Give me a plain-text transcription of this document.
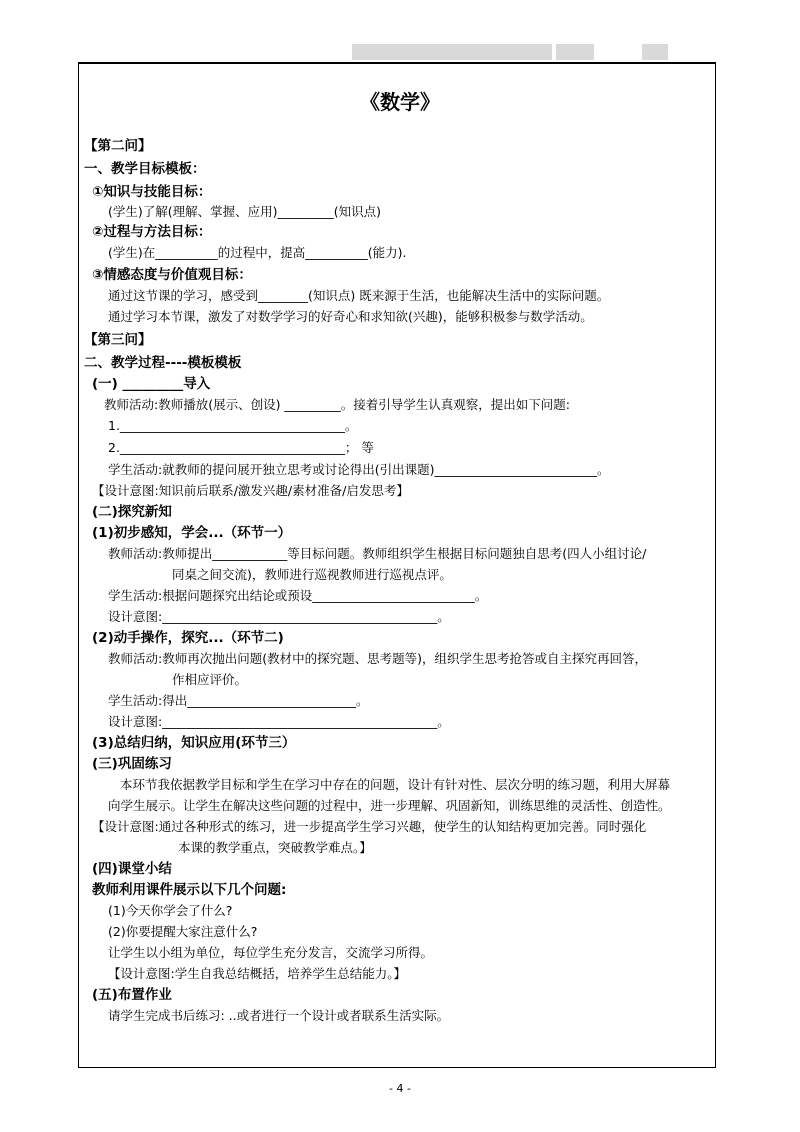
《数学》
【第二问】
一、教学目标模板：
①知识与技能目标：
(学生)了解(理解、掌握、应用)_________(知识点)
②过程与方法目标：
(学生)在__________的过程中，提高__________(能力).
③情感态度与价值观目标：
通过这节课的学习，感受到________(知识点) 既来源于生活，也能解决生活中的实际问题。
通过学习本节课，激发了对数学学习的好奇心和求知欲(兴趣)，能够积极参与数学活动。
【第三问】
二、教学过程----模板模板
(一) _________导入
教师活动:教师播放(展示、创设) _________。接着引导学生认真观察，提出如下问题:
1.____________________________________。
2.____________________________________； 等
学生活动:就教师的提问展开独立思考或讨论得出(引出课题)__________________________。
【设计意图:知识前后联系/激发兴趣/素材准备/启发思考】
(二)探究新知
(1)初步感知，学会...（环节一）
教师活动:教师提出____________等目标问题。教师组织学生根据目标问题独自思考(四人小组讨论/
同桌之间交流)，教师进行巡视教师进行巡视点评。
学生活动:根据问题探究出结论或预设__________________________。
设计意图:____________________________________________。
(2)动手操作，探究...（环节二)
教师活动:教师再次抛出问题(教材中的探究题、思考题等)，组织学生思考抢答或自主探究再回答，
作相应评价。
学生活动:得出___________________________。
设计意图:____________________________________________。
(3)总结归纳，知识应用(环节三）
(三)巩固练习
本环节我依据教学目标和学生在学习中存在的问题，设计有针对性、层次分明的练习题，利用大屏幕
向学生展示。让学生在解决这些问题的过程中，进一步理解、巩固新知，训练思维的灵活性、创造性。
【设计意图:通过各种形式的练习，进一步提高学生学习兴趣，使学生的认知结构更加完善。同时强化
本课的教学重点，突破教学难点。】
(四)课堂小结
教师利用课件展示以下几个问题:
(1)今天你学会了什么?
(2)你要提醒大家注意什么?
让学生以小组为单位，每位学生充分发言，交流学习所得。
【设计意图:学生自我总结概括，培养学生总结能力。】
(五)布置作业
请学生完成书后练习: ..或者进行一个设计或者联系生活实际。
- 4 -
